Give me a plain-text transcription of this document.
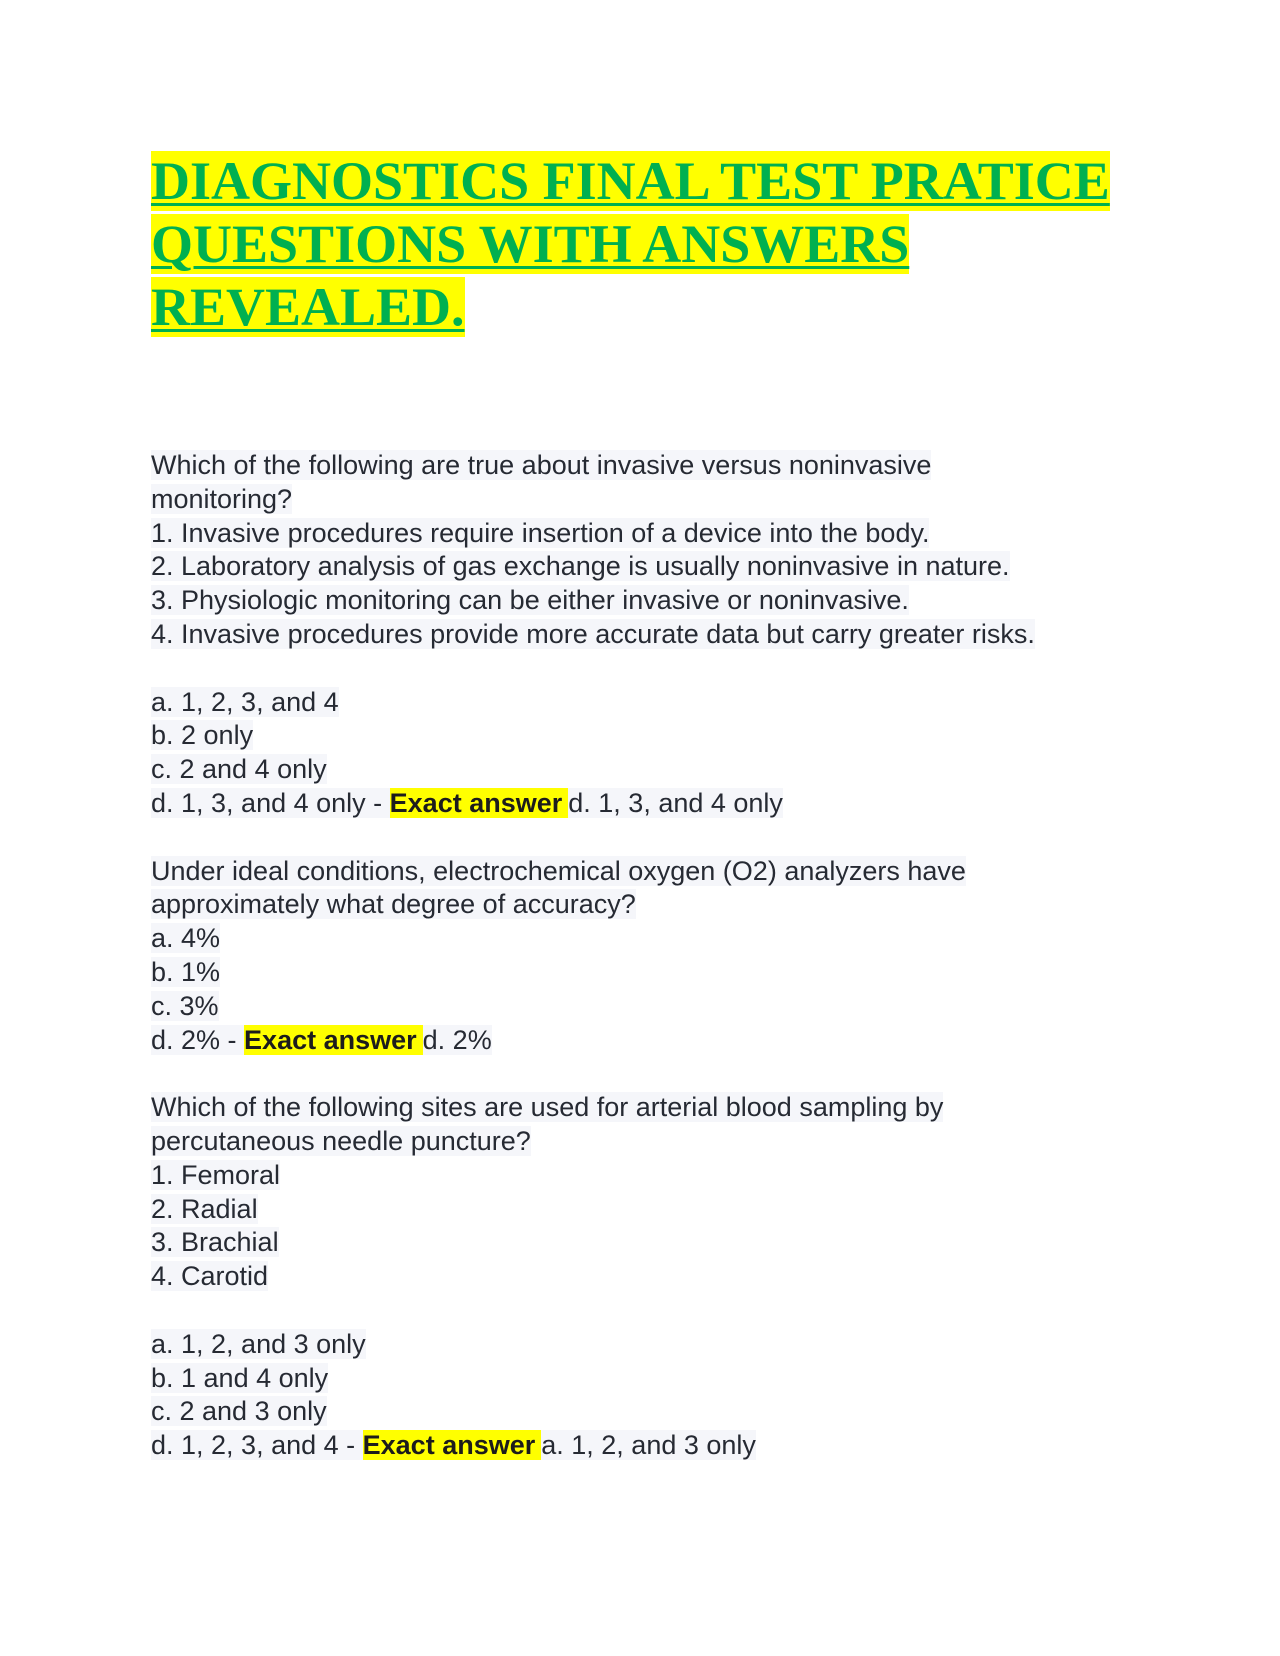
DIAGNOSTICS FINAL TEST PRATICE QUESTIONS WITH ANSWERS REVEALED.
Which of the following are true about invasive versus noninvasive
monitoring?
1. Invasive procedures require insertion of a device into the body.
2. Laboratory analysis of gas exchange is usually noninvasive in nature.
3. Physiologic monitoring can be either invasive or noninvasive.
4. Invasive procedures provide more accurate data but carry greater risks.
a. 1, 2, 3, and 4
b. 2 only
c. 2 and 4 only
d. 1, 3, and 4 only - Exact answer d. 1, 3, and 4 only
Under ideal conditions, electrochemical oxygen (O2) analyzers have
approximately what degree of accuracy?
a. 4%
b. 1%
c. 3%
d. 2% - Exact answer d. 2%
Which of the following sites are used for arterial blood sampling by
percutaneous needle puncture?
1. Femoral
2. Radial
3. Brachial
4. Carotid
a. 1, 2, and 3 only
b. 1 and 4 only
c. 2 and 3 only
d. 1, 2, 3, and 4 - Exact answer a. 1, 2, and 3 only
